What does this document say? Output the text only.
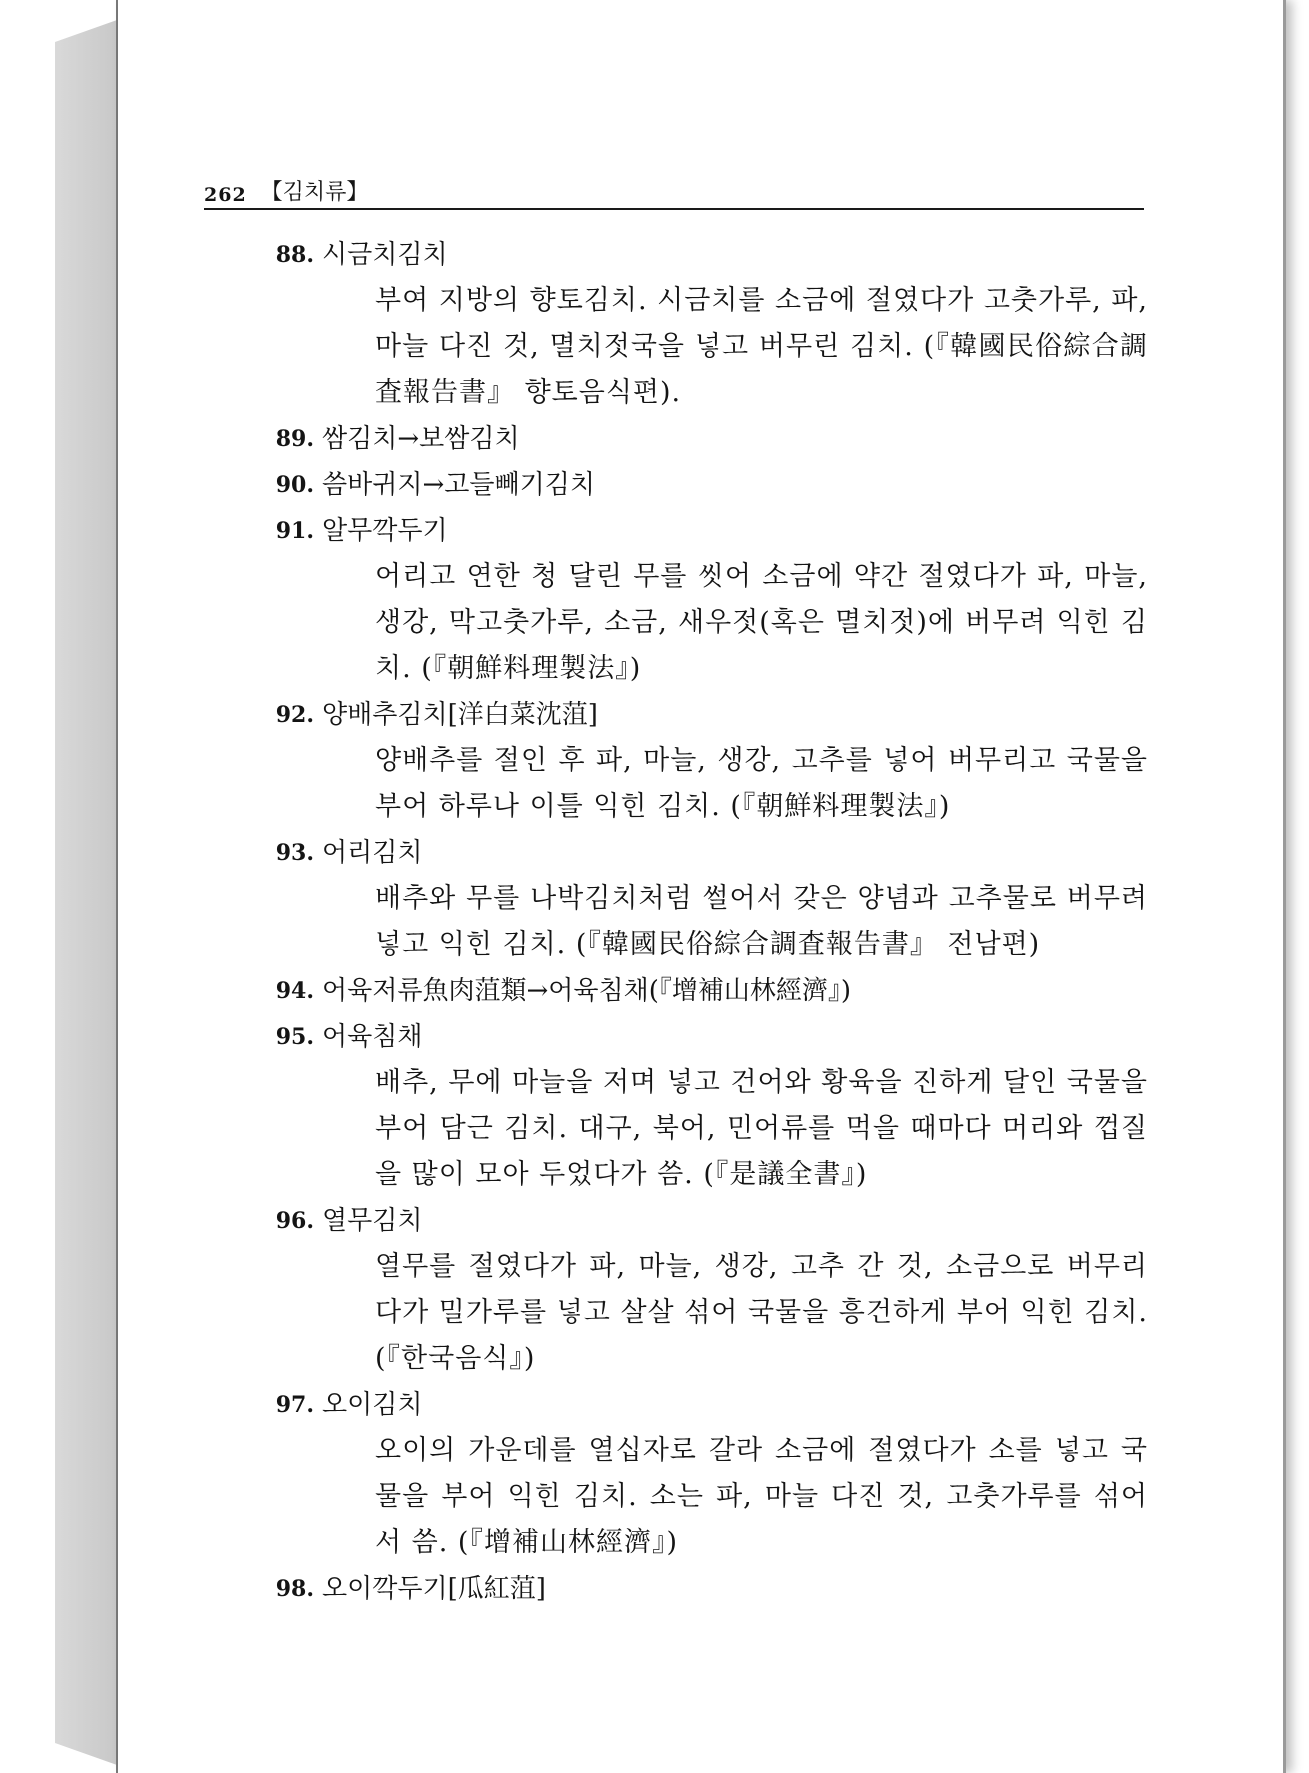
262 【김치류】
88. 시금치김치
부여 지방의 향토김치. 시금치를 소금에 절였다가 고춧가루, 파, 마늘 다진 것, 멸치젓국을 넣고 버무린 김치. (『韓國民俗綜合調査報告書』 향토음식편).
89. 쌈김치→보쌈김치
90. 씀바귀지→고들빼기김치
91. 알무깍두기
어리고 연한 청 달린 무를 씻어 소금에 약간 절였다가 파, 마늘, 생강, 막고춧가루, 소금, 새우젓(혹은 멸치젓)에 버무려 익힌 김치. (『朝鮮料理製法』)
92. 양배추김치[洋白菜沈菹]
양배추를 절인 후 파, 마늘, 생강, 고추를 넣어 버무리고 국물을 부어 하루나 이틀 익힌 김치. (『朝鮮料理製法』)
93. 어리김치
배추와 무를 나박김치처럼 썰어서 갖은 양념과 고추물로 버무려 넣고 익힌 김치. (『韓國民俗綜合調査報告書』 전남편)
94. 어육저류魚肉菹類→어육침채(『增補山林經濟』)
95. 어육침채
배추, 무에 마늘을 저며 넣고 건어와 황육을 진하게 달인 국물을 부어 담근 김치. 대구, 북어, 민어류를 먹을 때마다 머리와 껍질을 많이 모아 두었다가 씀. (『是議全書』)
96. 열무김치
열무를 절였다가 파, 마늘, 생강, 고추 간 것, 소금으로 버무리다가 밀가루를 넣고 살살 섞어 국물을 흥건하게 부어 익힌 김치. (『한국음식』)
97. 오이김치
오이의 가운데를 열십자로 갈라 소금에 절였다가 소를 넣고 국물을 부어 익힌 김치. 소는 파, 마늘 다진 것, 고춧가루를 섞어서 씀. (『增補山林經濟』)
98. 오이깍두기[瓜紅菹]
